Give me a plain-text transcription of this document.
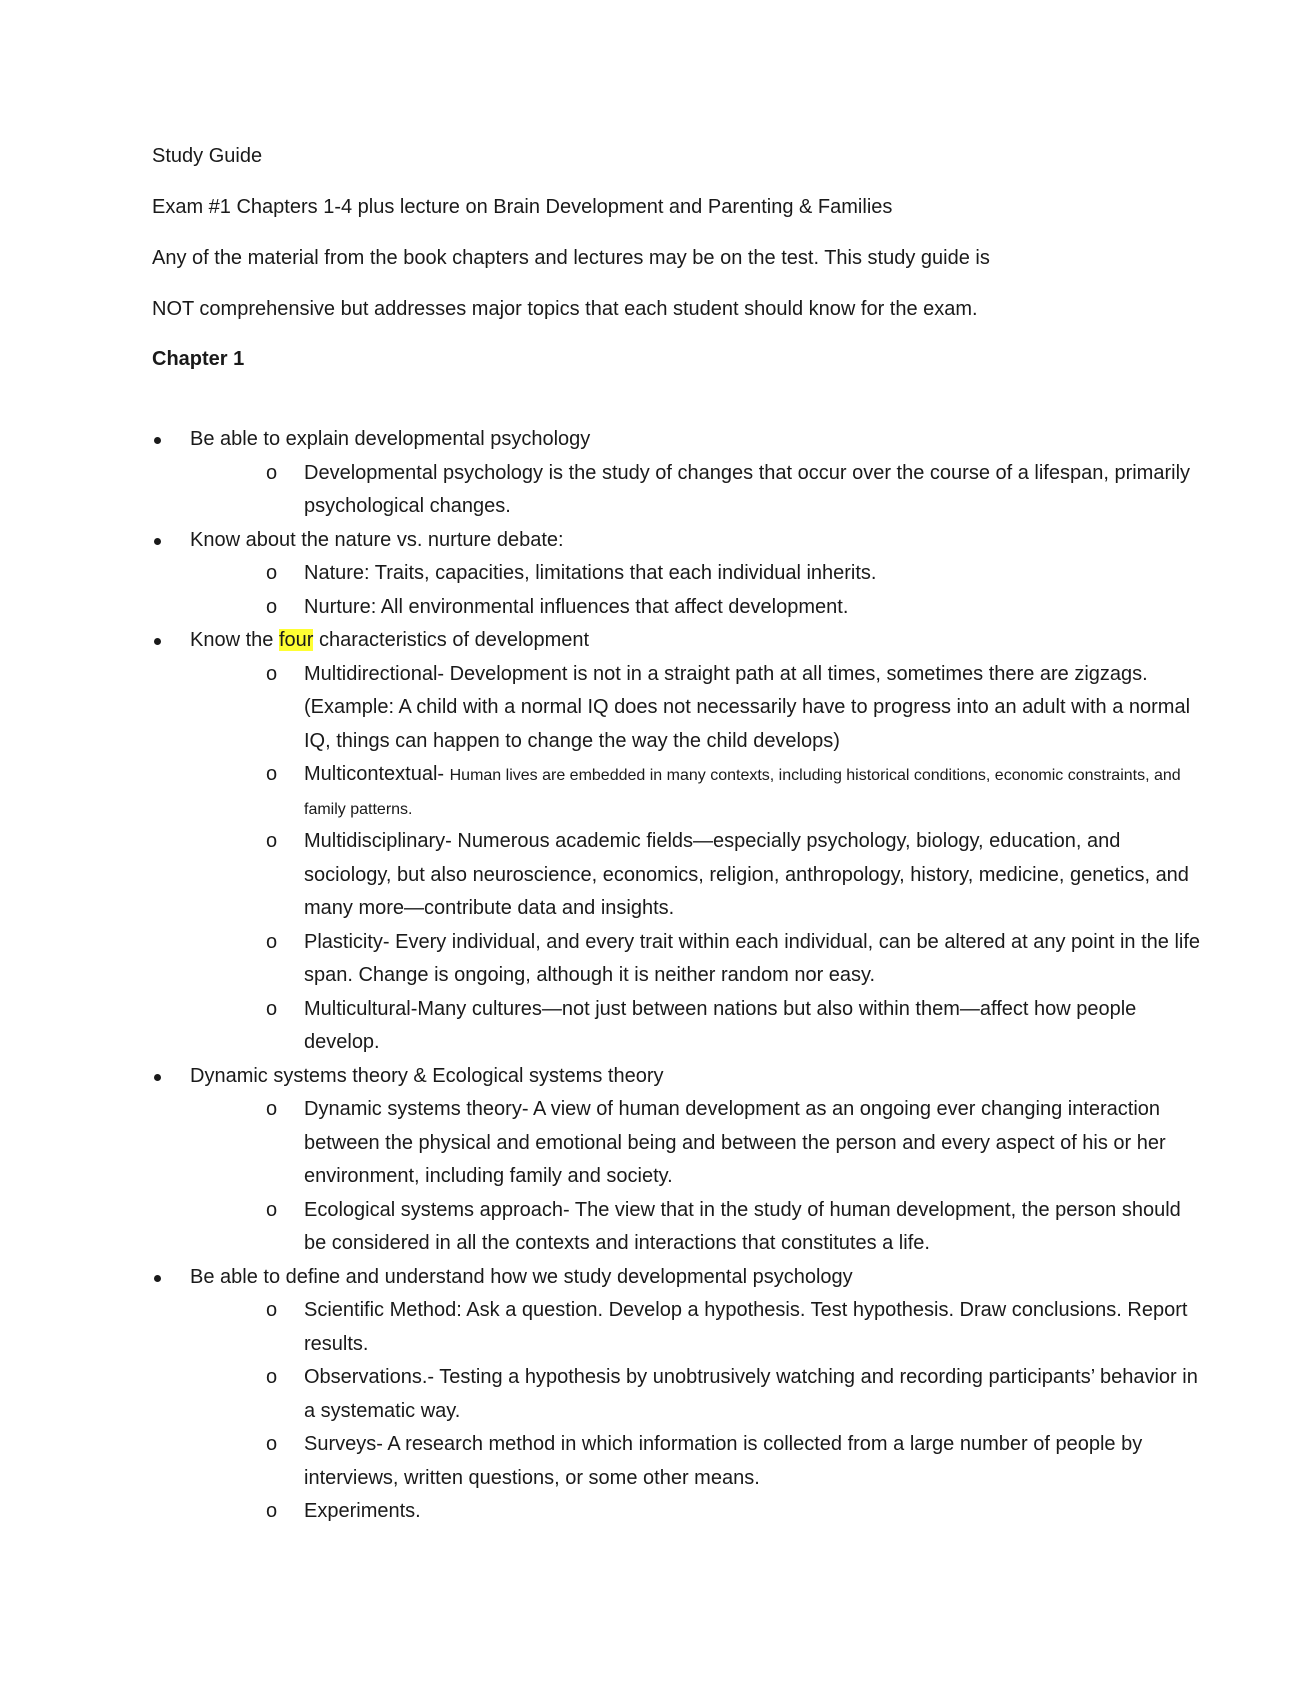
Study Guide
Exam #1 Chapters 1-4 plus lecture on Brain Development and Parenting & Families
Any of the material from the book chapters and lectures may be on the test. This study guide is
NOT comprehensive but addresses major topics that each student should know for the exam.
Chapter 1
Be able to explain developmental psychology
o Developmental psychology is the study of changes that occur over the course of a lifespan, primarily psychological changes.
Know about the nature vs. nurture debate:
o Nature: Traits, capacities, limitations that each individual inherits.
o Nurture: All environmental influences that affect development.
Know the four characteristics of development
o Multidirectional- Development is not in a straight path at all times, sometimes there are zigzags. (Example: A child with a normal IQ does not necessarily have to progress into an adult with a normal IQ, things can happen to change the way the child develops)
o Multicontextual- Human lives are embedded in many contexts, including historical conditions, economic constraints, and family patterns.
o Multidisciplinary- Numerous academic fields—especially psychology, biology, education, and sociology, but also neuroscience, economics, religion, anthropology, history, medicine, genetics, and many more—contribute data and insights.
o Plasticity- Every individual, and every trait within each individual, can be altered at any point in the life span. Change is ongoing, although it is neither random nor easy.
o Multicultural-Many cultures—not just between nations but also within them—affect how people develop.
Dynamic systems theory & Ecological systems theory
o Dynamic systems theory- A view of human development as an ongoing ever changing interaction between the physical and emotional being and between the person and every aspect of his or her environment, including family and society.
o Ecological systems approach- The view that in the study of human development, the person should be considered in all the contexts and interactions that constitutes a life.
Be able to define and understand how we study developmental psychology
o Scientific Method: Ask a question. Develop a hypothesis. Test hypothesis. Draw conclusions. Report results.
o Observations.- Testing a hypothesis by unobtrusively watching and recording participants’ behavior in a systematic way.
o Surveys- A research method in which information is collected from a large number of people by interviews, written questions, or some other means.
o Experiments.
